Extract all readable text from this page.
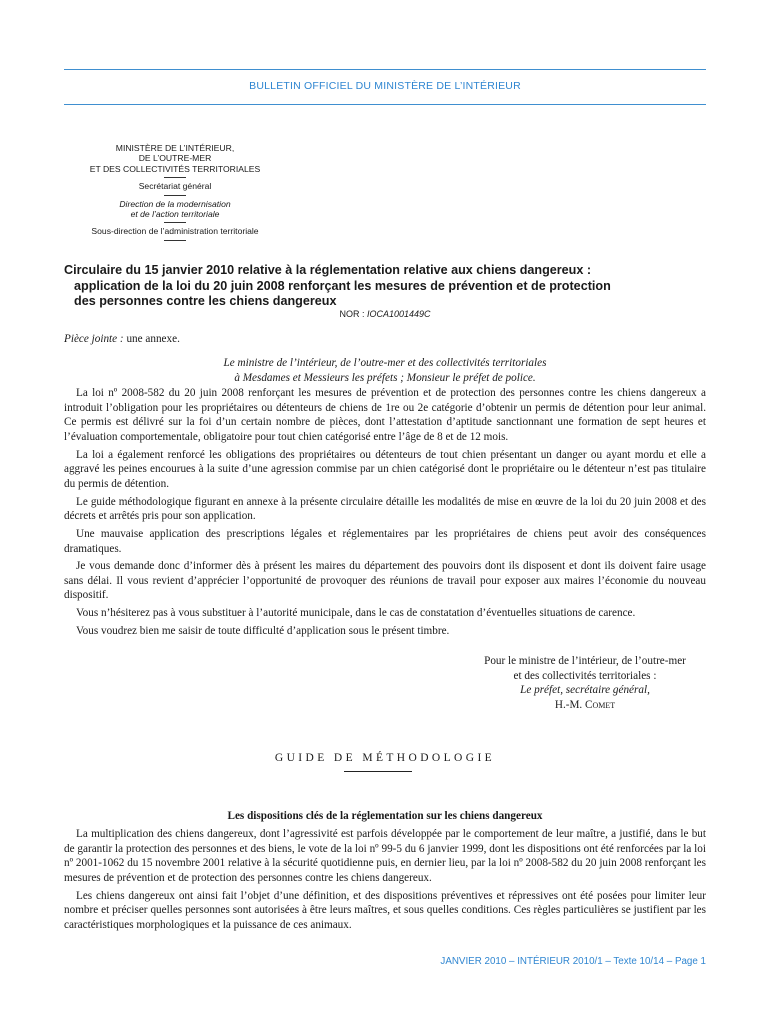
BULLETIN OFFICIEL DU MINISTÈRE DE L’INTÉRIEUR
MINISTÈRE DE L’INTÉRIEUR,
DE L’OUTRE-MER
ET DES COLLECTIVITÉS TERRITORIALES
Secrétariat général
Direction de la modernisation
et de l’action territoriale
Sous-direction de l’administration territoriale
Circulaire du 15 janvier 2010 relative à la réglementation relative aux chiens dangereux :
application de la loi du 20 juin 2008 renforçant les mesures de prévention et de protection
des personnes contre les chiens dangereux
NOR : IOCA1001449C
Pièce jointe : une annexe.
Le ministre de l’intérieur, de l’outre-mer et des collectivités territoriales
à Mesdames et Messieurs les préfets ; Monsieur le préfet de police.

La loi nº 2008-582 du 20 juin 2008 renforçant les mesures de prévention et de protection des personnes contre les chiens dangereux a introduit l’obligation pour les propriétaires ou détenteurs de chiens de 1re ou 2e catégorie d’obtenir un permis de détention pour leur animal. Ce permis est délivré sur la foi d’un certain nombre de pièces, dont l’attestation d’aptitude sanctionnant une formation de sept heures et l’évaluation comportementale, obligatoire pour tout chien catégorisé entre l’âge de 8 et de 12 mois.

La loi a également renforcé les obligations des propriétaires ou détenteurs de tout chien présentant un danger ou ayant mordu et elle a aggravé les peines encourues à la suite d’une agression commise par un chien catégorisé dont le propriétaire ou le détenteur n’est pas titulaire du permis de détention.

Le guide méthodologique figurant en annexe à la présente circulaire détaille les modalités de mise en œuvre de la loi du 20 juin 2008 et des décrets et arrêtés pris pour son application.

Une mauvaise application des prescriptions légales et réglementaires par les propriétaires de chiens peut avoir des conséquences dramatiques.

Je vous demande donc d’informer dès à présent les maires du département des pouvoirs dont ils disposent et dont ils doivent faire usage sans délai. Il vous revient d’apprécier l’opportunité de provoquer des réunions de travail pour exposer aux maires l’économie du nouveau dispositif.

Vous n’hésiterez pas à vous substituer à l’autorité municipale, dans le cas de constatation d’éventuelles situations de carence.

Vous voudrez bien me saisir de toute difficulté d’application sous le présent timbre.

Pour le ministre de l’intérieur, de l’outre-mer
et des collectivités territoriales :
Le préfet, secrétaire général,
H.-M. Comet
GUIDE DE MÉTHODOLOGIE
Les dispositions clés de la réglementation sur les chiens dangereux

La multiplication des chiens dangereux, dont l’agressivité est parfois développée par le comportement de leur maître, a justifié, dans le but de garantir la protection des personnes et des biens, le vote de la loi nº 99-5 du 6 janvier 1999, dont les dispositions ont été renforcées par la loi nº 2001-1062 du 15 novembre 2001 relative à la sécurité quotidienne puis, en dernier lieu, par la loi nº 2008-582 du 20 juin 2008 renforçant les mesures de prévention et de protection des personnes contre les chiens dangereux.

Les chiens dangereux ont ainsi fait l’objet d’une définition, et des dispositions préventives et répressives ont été posées pour limiter leur nombre et préciser quelles personnes sont autorisées à être leurs maîtres, et sous quelles conditions. Ces règles particulières se justifient par les caractéristiques morphologiques et la puissance de ces animaux.

JANVIER 2010 – INTÉRIEUR 2010/1 – Texte 10/14 – Page 1
